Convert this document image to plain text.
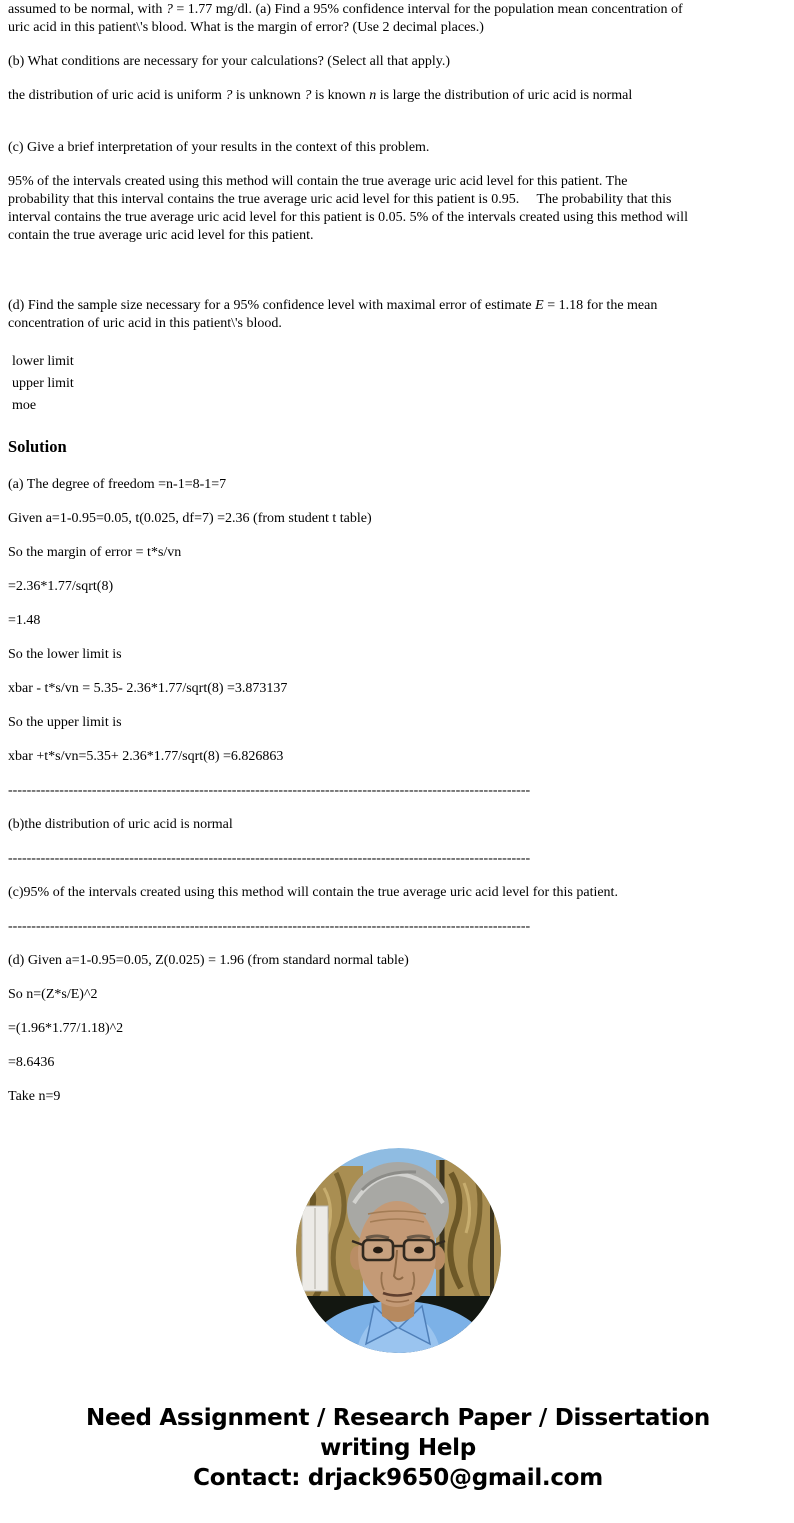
assumed to be normal, with ? = 1.77 mg/dl. (a) Find a 95% confidence interval for the population mean concentration of
uric acid in this patient\'s blood. What is the margin of error? (Use 2 decimal places.)
(b) What conditions are necessary for your calculations? (Select all that apply.)
the distribution of uric acid is uniform ? is unknown ? is known n is large the distribution of uric acid is normal
(c) Give a brief interpretation of your results in the context of this problem.
95% of the intervals created using this method will contain the true average uric acid level for this patient. The
probability that this interval contains the true average uric acid level for this patient is 0.95.     The probability that this
interval contains the true average uric acid level for this patient is 0.05. 5% of the intervals created using this method will
contain the true average uric acid level for this patient.
(d) Find the sample size necessary for a 95% confidence level with maximal error of estimate E = 1.18 for the mean
concentration of uric acid in this patient\'s blood.
lower limit
upper limit
moe
Solution
(a) The degree of freedom =n-1=8-1=7
Given a=1-0.95=0.05, t(0.025, df=7) =2.36 (from student t table)
So the margin of error = t*s/vn
=2.36*1.77/sqrt(8)
=1.48
So the lower limit is
xbar - t*s/vn = 5.35- 2.36*1.77/sqrt(8) =3.873137
So the upper limit is
xbar +t*s/vn=5.35+ 2.36*1.77/sqrt(8) =6.826863
----------------------------------------------------------------------------------------------------------------
(b)the distribution of uric acid is normal
----------------------------------------------------------------------------------------------------------------
(c)95% of the intervals created using this method will contain the true average uric acid level for this patient.
----------------------------------------------------------------------------------------------------------------
(d) Given a=1-0.95=0.05, Z(0.025) = 1.96 (from standard normal table)
So n=(Z*s/E)^2
=(1.96*1.77/1.18)^2
=8.6436
Take n=9
Need Assignment / Research Paper / Dissertation
writing Help
Contact: drjack9650@gmail.com
